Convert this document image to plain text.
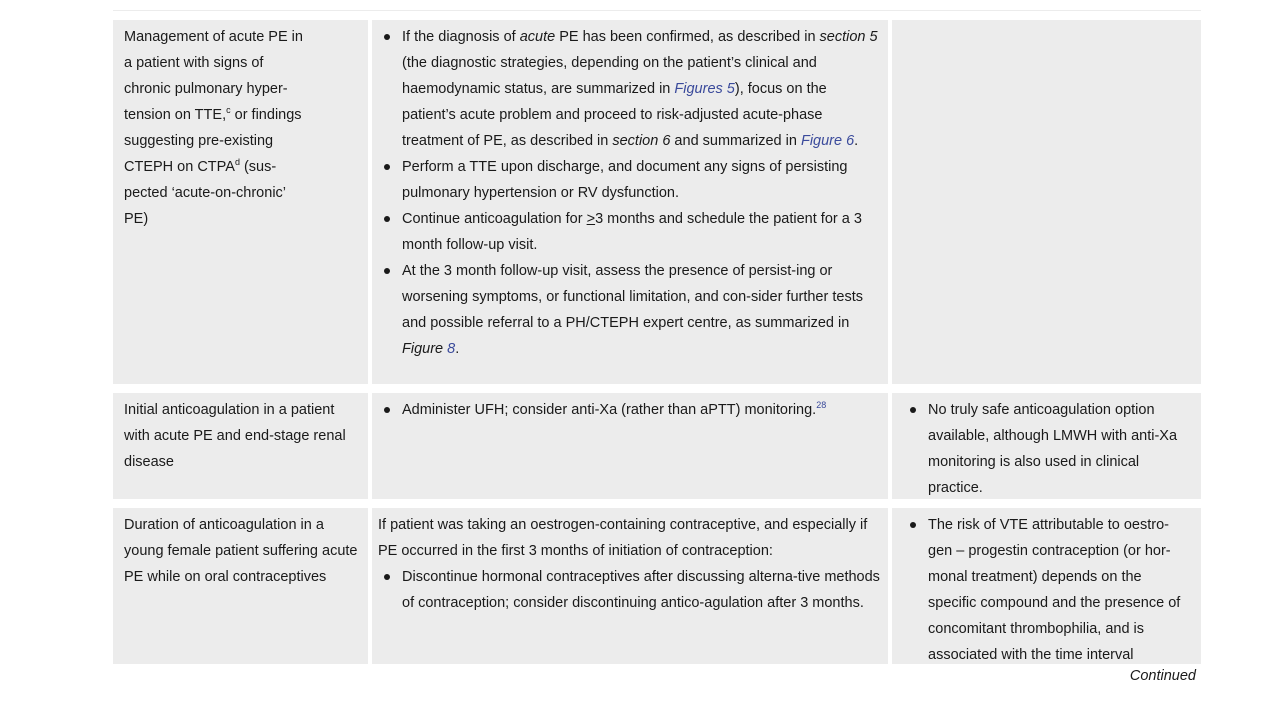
Management of acute PE in
a patient with signs of
chronic pulmonary hyper-
tension on TTE,$^c$ or findings
suggesting pre-existing
CTEPH on CTPA$^d$ (sus-
pected ‘acute-on-chronic’
PE)
If the diagnosis of acute PE has been confirmed, as described in section 5 (the diagnostic strategies, depending on the patient’s clinical and haemodynamic status, are summarized in Figures 5), focus on the patient’s acute problem and proceed to risk-adjusted acute-phase treatment of PE, as described in section 6 and summarized in Figure 6.
Perform a TTE upon discharge, and document any signs of persisting pulmonary hypertension or RV dysfunction.
Continue anticoagulation for >3 months and schedule the patient for a 3 month follow-up visit.
At the 3 month follow-up visit, assess the presence of persist-ing or worsening symptoms, or functional limitation, and con-sider further tests and possible referral to a PH/CTEPH expert centre, as summarized in Figure 8.
Initial anticoagulation in a patient with acute PE and end-stage renal disease
Administer UFH; consider anti-Xa (rather than aPTT) monitoring.$^{28}$	No truly safe anticoagulation option available, although LMWH with anti-Xa monitoring is also used in clinical practice.
Duration of anticoagulation in a young female patient suffering acute PE while on oral contraceptives
If patient was taking an oestrogen-containing contraceptive, and especially if PE occurred in the first 3 months of initiation of contraception:
Discontinue hormonal contraceptives after discussing alterna-tive methods of contraception; consider discontinuing antico-agulation after 3 months.
The risk of VTE attributable to oestro-gen – progestin contraception (or hor-monal treatment) depends on the specific compound and the presence of concomitant thrombophilia, and is associated with the time interval
Continued
